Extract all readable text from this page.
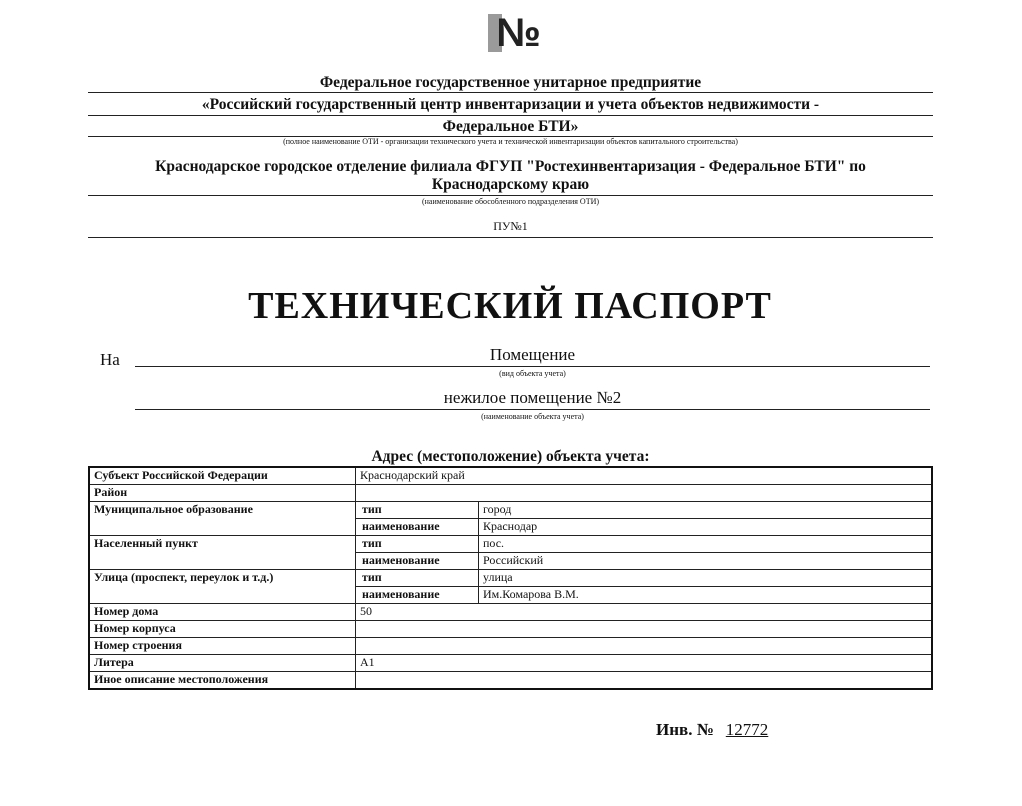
№
Федеральное государственное унитарное предприятие
«Российский государственный центр инвентаризации и учета объектов недвижимости -
Федеральное БТИ»
(полное наименование ОТИ - организации технического учета и технической инвентаризации объектов капитального строительства)
Краснодарское городское отделение филиала ФГУП "Ростехинвентаризация - Федеральное БТИ" по
Краснодарскому краю
(наименование обособленного подразделения ОТИ)
ПУ№1
ТЕХНИЧЕСКИЙ ПАСПОРТ
На	Помещение
(вид объекта учета)
нежилое помещение №2
(наименование объекта учета)
Адрес (местоположение) объекта учета:
Субъект Российской Федерации	Краснодарский край	
Район		
Муниципальное образование	тип	город
	наименование	Краснодар
Населенный пункт	тип	пос.
	наименование	Российский
Улица (проспект, переулок и т.д.)	тип	улица
	наименование	Им.Комарова В.М.
Номер дома	50	
Номер корпуса		
Номер строения		
Литера	А1	
Иное описание местоположения		
Инв. № 12772
